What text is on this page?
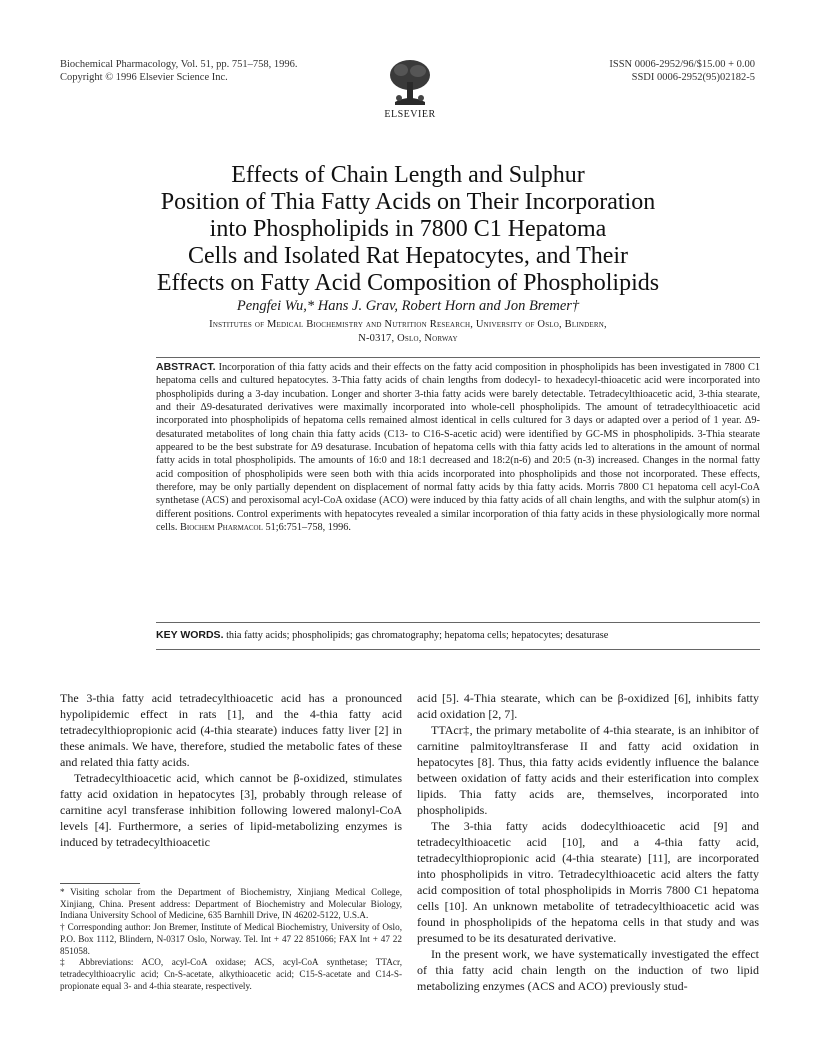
Biochemical Pharmacology, Vol. 51, pp. 751–758, 1996.
Copyright © 1996 Elsevier Science Inc.
ELSEVIER
ISSN 0006-2952/96/$15.00 + 0.00
SSDI 0006-2952(95)02182-5
Effects of Chain Length and Sulphur
Position of Thia Fatty Acids on Their Incorporation
into Phospholipids in 7800 C1 Hepatoma
Cells and Isolated Rat Hepatocytes, and Their
Effects on Fatty Acid Composition of Phospholipids
Pengfei Wu,* Hans J. Grav, Robert Horn and Jon Bremer†
Institutes of Medical Biochemistry and Nutrition Research, University of Oslo, Blindern,
N-0317, Oslo, Norway
ABSTRACT. Incorporation of thia fatty acids and their effects on the fatty acid composition in phospholipids has been investigated in 7800 C1 hepatoma cells and cultured hepatocytes. 3-Thia fatty acids of chain lengths from dodecyl- to hexadecyl-thioacetic acid were incorporated into phospholipids during a 3-day incubation. Longer and shorter 3-thia fatty acids were barely detectable. Tetradecylthioacetic acid, 3-thia stearate, and their Δ9-desaturated derivatives were maximally incorporated into whole-cell phospholipids. The amount of tetradecylthioacetic acid incorporated into phospholipids of hepatoma cells remained almost identical in cells cultured for 3 days or adapted over a period of 1 year. Δ9-desaturated metabolites of long chain thia fatty acids (C13- to C16-S-acetic acid) were identified by GC-MS in phospholipids. 3-Thia stearate appeared to be the best substrate for Δ9 desaturase. Incubation of hepatoma cells with thia fatty acids led to alterations in the amount of normal fatty acids in total phospholipids. The amounts of 16:0 and 18:1 decreased and 18:2(n-6) and 20:5 (n-3) increased. Changes in the normal fatty acid composition of phospholipids were seen both with thia acids incorporated into phospholipids and those not incorporated. These effects, therefore, may be only partially dependent on displacement of normal fatty acids by thia fatty acids. Morris 7800 C1 hepatoma cell acyl-CoA synthetase (ACS) and peroxisomal acyl-CoA oxidase (ACO) were induced by thia fatty acids of all chain lengths, and with the sulphur atom(s) in different positions. Control experiments with hepatocytes revealed a similar incorporation of thia fatty acids in these physiologically more normal cells. Biochem Pharmacol 51;6:751–758, 1996.
KEY WORDS. thia fatty acids; phospholipids; gas chromatography; hepatoma cells; hepatocytes; desaturase

The 3-thia fatty acid tetradecylthioacetic acid has a pronounced hypolipidemic effect in rats [1], and the 4-thia fatty acid tetradecylthiopropionic acid (4-thia stearate) induces fatty liver [2] in these animals. We have, therefore, studied the metabolic fates of these and related thia fatty acids.

Tetradecylthioacetic acid, which cannot be β-oxidized, stimulates fatty acid oxidation in hepatocytes [3], probably through release of carnitine acyl transferase inhibition following lowered malonyl-CoA levels [4]. Furthermore, a series of lipid-metabolizing enzymes is induced by tetradecylthioacetic

acid [5]. 4-Thia stearate, which can be β-oxidized [6], inhibits fatty acid oxidation [2, 7].

TTAcr‡, the primary metabolite of 4-thia stearate, is an inhibitor of carnitine palmitoyltransferase II and fatty acid oxidation in hepatocytes [8]. Thus, thia fatty acids evidently influence the balance between oxidation of fatty acids and their esterification into complex lipids. Thia fatty acids are, themselves, incorporated into phospholipids.

The 3-thia fatty acids dodecylthioacetic acid [9] and tetradecylthioacetic acid [10], and a 4-thia fatty acid, tetradecylthiopropionic acid (4-thia stearate) [11], are incorporated into phospholipids in vitro. Tetradecylthioacetic acid alters the fatty acid composition of total phospholipids in Morris 7800 C1 hepatoma cells [10]. An unknown metabolite of tetradecylthioacetic acid was found in phospholipids of the hepatoma cells in that study and was presumed to be its desaturated derivative.

In the present work, we have systematically investigated the effect of thia fatty acid chain length on the induction of two lipid metabolizing enzymes (ACS and ACO) previously stud-

* Visiting scholar from the Department of Biochemistry, Xinjiang Medical College, Xinjiang, China. Present address: Department of Biochemistry and Molecular Biology, Indiana University School of Medicine, 635 Barnhill Drive, IN 46202-5122, U.S.A.

† Corresponding author: Jon Bremer, Institute of Medical Biochemistry, University of Oslo, P.O. Box 1112, Blindern, N-0317 Oslo, Norway. Tel. Int + 47 22 851066; FAX Int + 47 22 851058.

‡ Abbreviations: ACO, acyl-CoA oxidase; ACS, acyl-CoA synthetase; TTAcr, tetradecylthioacrylic acid; Cn-S-acetate, alkythioacetic acid; C15-S-acetate and C14-S-propionate equal 3- and 4-thia stearate, respectively.
